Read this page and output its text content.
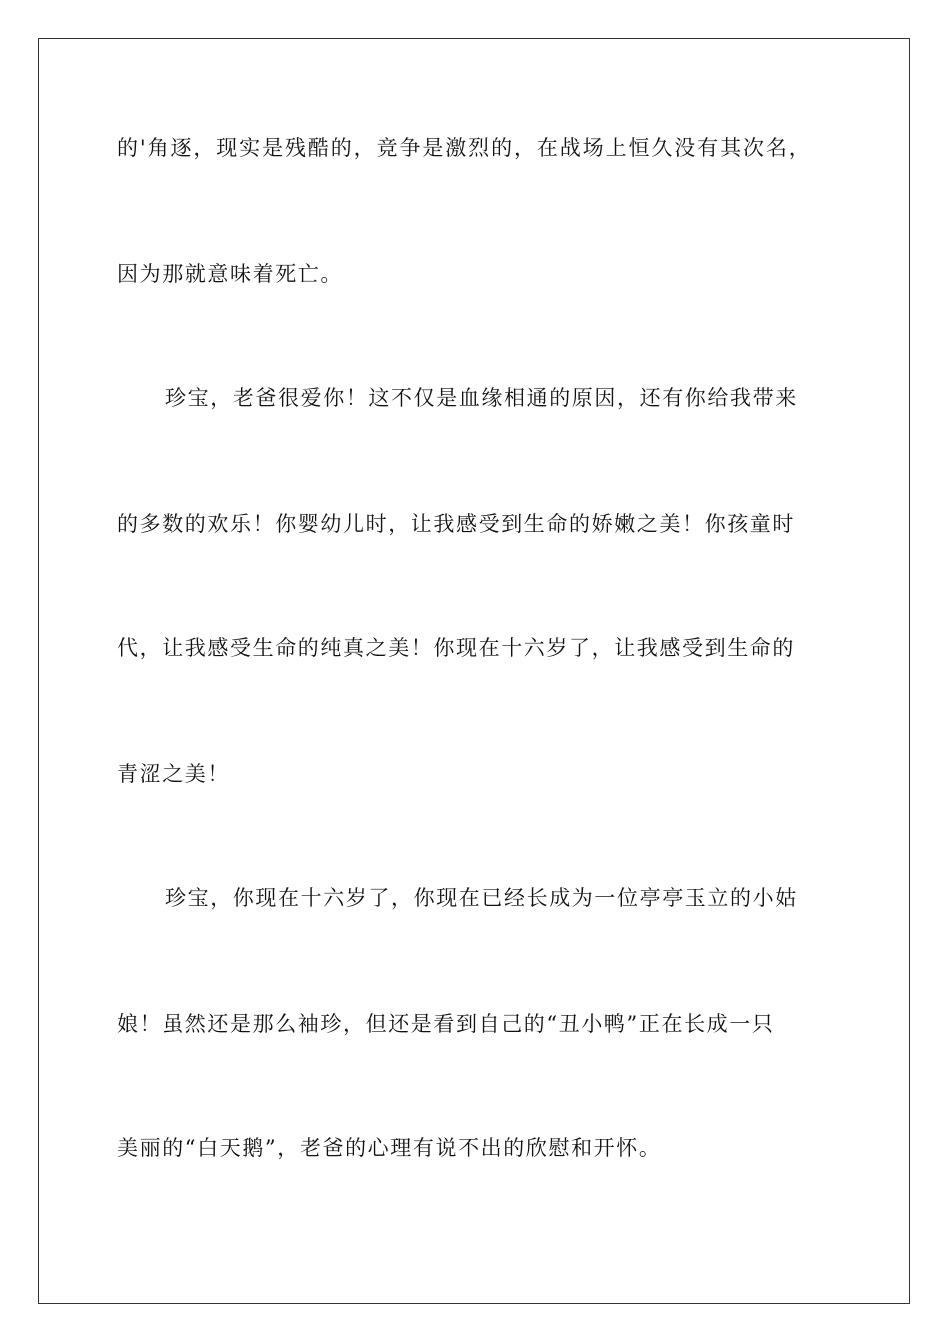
的'角逐，现实是残酷的，竞争是激烈的，在战场上恒久没有其次名，
因为那就意味着死亡。
珍宝，老爸很爱你！这不仅是血缘相通的原因，还有你给我带来
的多数的欢乐！你婴幼儿时，让我感受到生命的娇嫩之美！你孩童时
代，让我感受生命的纯真之美！你现在十六岁了，让我感受到生命的
青涩之美！
珍宝，你现在十六岁了，你现在已经长成为一位亭亭玉立的小姑
娘！虽然还是那么袖珍，但还是看到自己的“丑小鸭”正在长成一只
美丽的“白天鹅”，老爸的心理有说不出的欣慰和开怀。
